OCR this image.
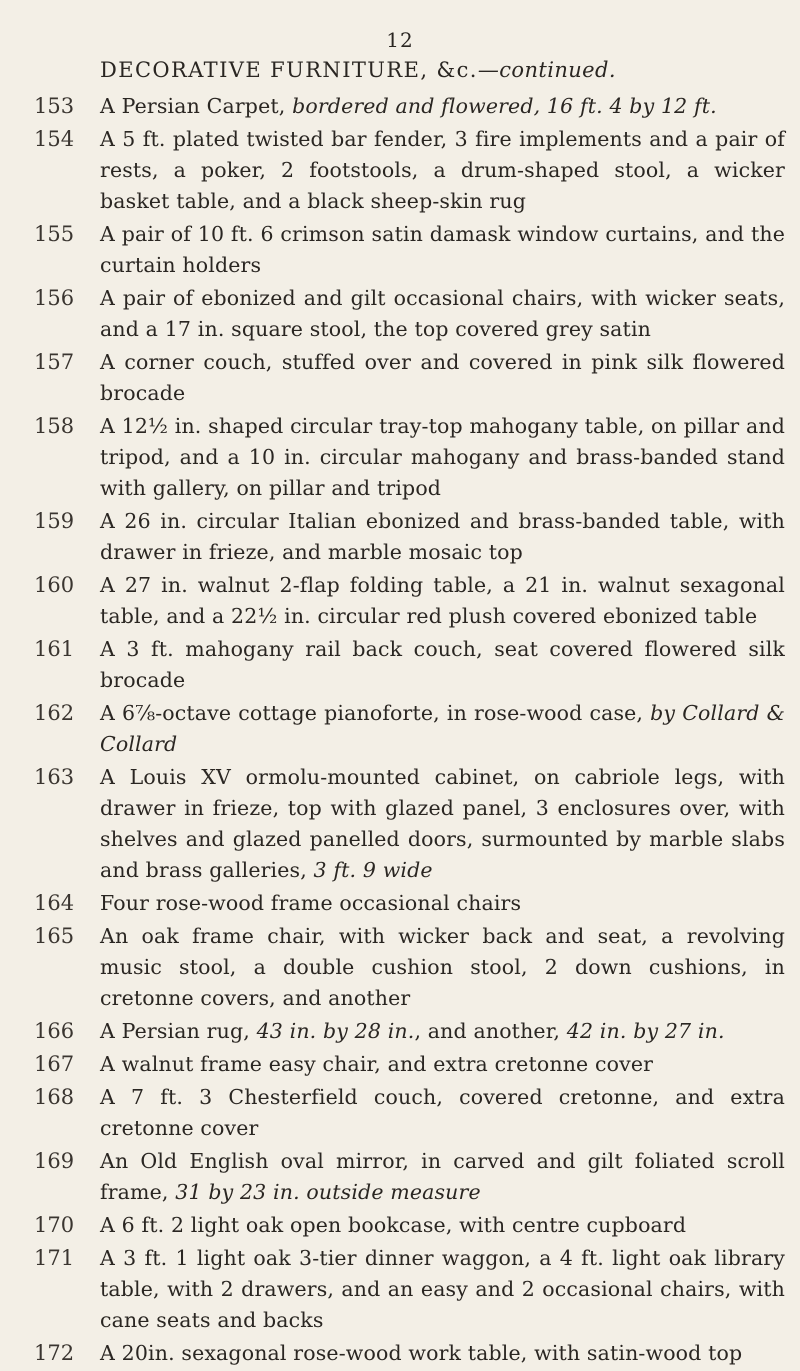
12
DECORATIVE FURNITURE, &c.—continued.
153	A Persian Carpet, bordered and flowered, 16 ft. 4 by 12 ft.
154	A 5 ft. plated twisted bar fender, 3 fire implements and a pair of rests, a poker, 2 footstools, a drum-shaped stool, a wicker basket table, and a black sheep-skin rug
155	A pair of 10 ft. 6 crimson satin damask window curtains, and the curtain holders
156	A pair of ebonized and gilt occasional chairs, with wicker seats, and a 17 in. square stool, the top covered grey satin
157	A corner couch, stuffed over and covered in pink silk flowered brocade
158	A 12½ in. shaped circular tray-top mahogany table, on pillar and tripod, and a 10 in. circular mahogany and brass-banded stand with gallery, on pillar and tripod
159	A 26 in. circular Italian ebonized and brass-banded table, with drawer in frieze, and marble mosaic top
160	A 27 in. walnut 2-flap folding table, a 21 in. walnut sexagonal table, and a 22½ in. circular red plush covered ebonized table
161	A 3 ft. mahogany rail back couch, seat covered flowered silk brocade
162	A 6⅞-octave cottage pianoforte, in rose-wood case, by Collard & Collard
163	A Louis XV ormolu-mounted cabinet, on cabriole legs, with drawer in frieze, top with glazed panel, 3 enclosures over, with shelves and glazed panelled doors, surmounted by marble slabs and brass galleries, 3 ft. 9 wide
164	Four rose-wood frame occasional chairs
165	An oak frame chair, with wicker back and seat, a revolving music stool, a double cushion stool, 2 down cushions, in cretonne covers, and another
166	A Persian rug, 43 in. by 28 in., and another, 42 in. by 27 in.
167	A walnut frame easy chair, and extra cretonne cover
168	A 7 ft. 3 Chesterfield couch, covered cretonne, and extra cretonne cover
169	An Old English oval mirror, in carved and gilt foliated scroll frame, 31 by 23 in. outside measure
170	A 6 ft. 2 light oak open bookcase, with centre cupboard
171	A 3 ft. 1 light oak 3-tier dinner waggon, a 4 ft. light oak library table, with 2 drawers, and an easy and 2 occasional chairs, with cane seats and backs
172	A 20in. sexagonal rose-wood work table, with satin-wood top
